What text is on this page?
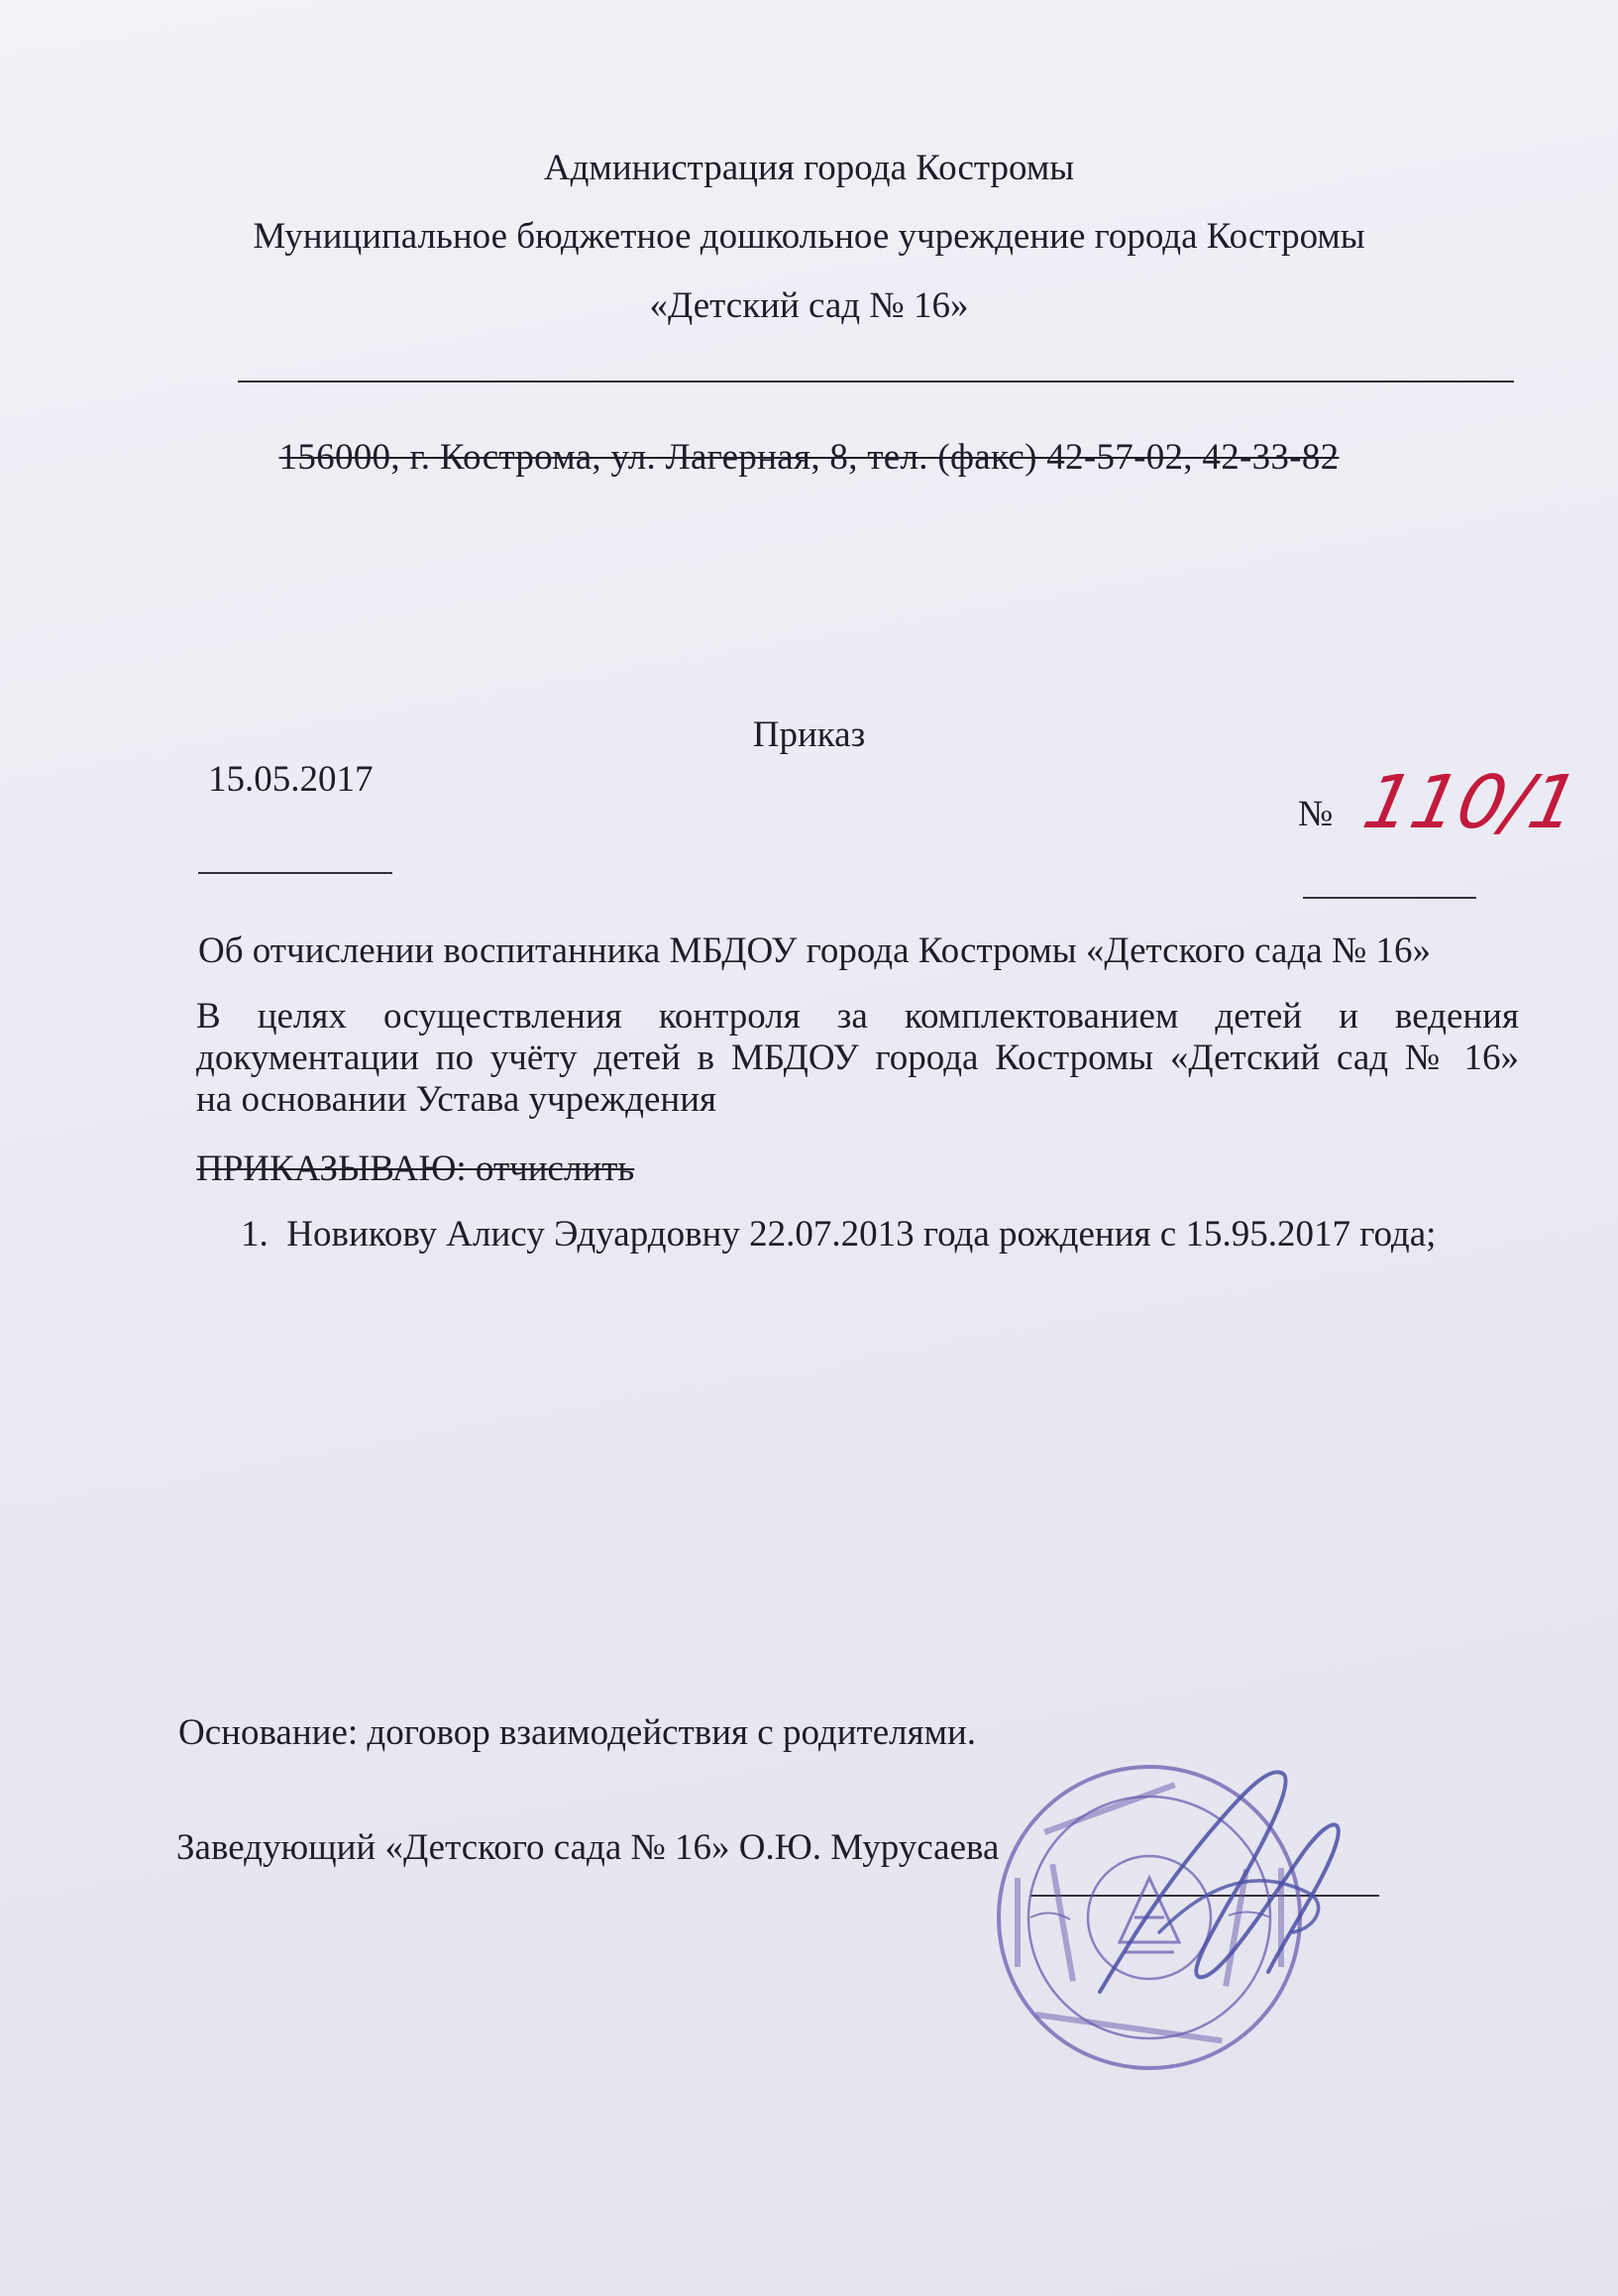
Администрация города Костромы
Муниципальное бюджетное дошкольное учреждение города Костромы
«Детский сад № 16»
156000, г. Кострома, ул. Лагерная, 8, тел. (факс) 42-57-02, 42-33-82
Приказ
15.05.2017
№ 110/1
Об отчислении воспитанника МБДОУ города Костромы «Детского сада № 16»
В целях осуществления контроля за комплектованием детей и ведения
документации по учёту детей в МБДОУ города Костромы «Детский сад № 16»
на основании Устава учреждения
ПРИКАЗЫВАЮ: отчислить
1. Новикову Алису Эдуардовну 22.07.2013 года рождения с 15.95.2017 года;
Основание: договор взаимодействия с родителями.
Заведующий «Детского сада № 16» О.Ю. Мурусаева
